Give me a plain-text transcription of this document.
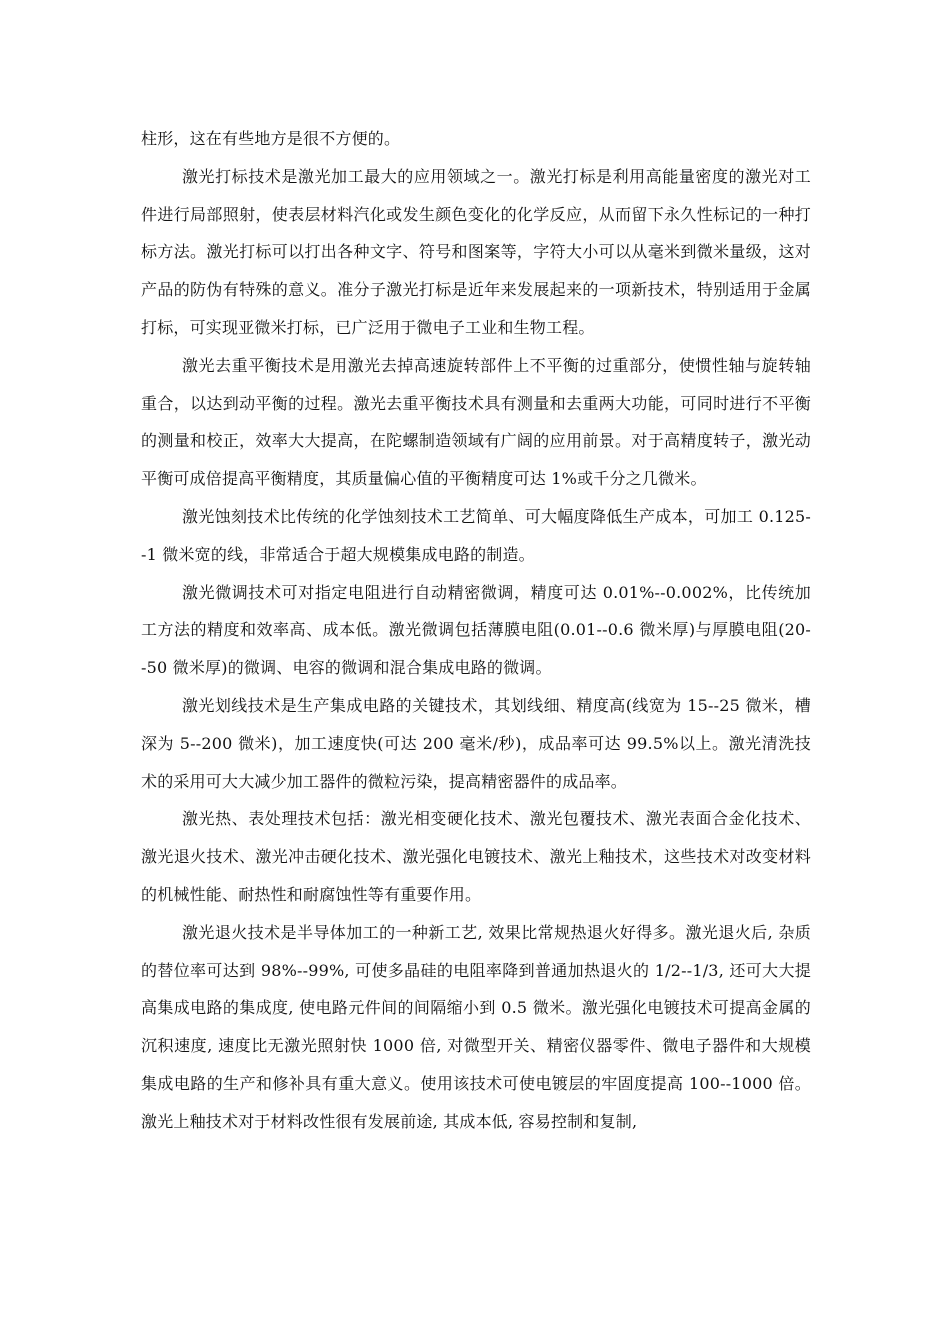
柱形，这在有些地方是很不方便的。

激光打标技术是激光加工最大的应用领域之一。激光打标是利用高能量密度的激光对工件进行局部照射，使表层材料汽化或发生颜色变化的化学反应，从而留下永久性标记的一种打标方法。激光打标可以打出各种文字、符号和图案等，字符大小可以从毫米到微米量级，这对产品的防伪有特殊的意义。准分子激光打标是近年来发展起来的一项新技术，特别适用于金属打标，可实现亚微米打标，已广泛用于微电子工业和生物工程。

激光去重平衡技术是用激光去掉高速旋转部件上不平衡的过重部分，使惯性轴与旋转轴重合，以达到动平衡的过程。激光去重平衡技术具有测量和去重两大功能，可同时进行不平衡的测量和校正，效率大大提高，在陀螺制造领域有广阔的应用前景。对于高精度转子，激光动平衡可成倍提高平衡精度，其质量偏心值的平衡精度可达 1%或千分之几微米。

激光蚀刻技术比传统的化学蚀刻技术工艺简单、可大幅度降低生产成本，可加工 0.125--1 微米宽的线，非常适合于超大规模集成电路的制造。

激光微调技术可对指定电阻进行自动精密微调，精度可达 0.01%--0.002%，比传统加工方法的精度和效率高、成本低。激光微调包括薄膜电阻(0.01--0.6 微米厚)与厚膜电阻(20--50 微米厚)的微调、电容的微调和混合集成电路的微调。

激光划线技术是生产集成电路的关键技术，其划线细、精度高(线宽为 15--25 微米，槽深为 5--200 微米)，加工速度快(可达 200 毫米/秒)，成品率可达 99.5%以上。激光清洗技术的采用可大大减少加工器件的微粒污染，提高精密器件的成品率。

激光热、表处理技术包括：激光相变硬化技术、激光包覆技术、激光表面合金化技术、激光退火技术、激光冲击硬化技术、激光强化电镀技术、激光上釉技术，这些技术对改变材料的机械性能、耐热性和耐腐蚀性等有重要作用。

激光退火技术是半导体加工的一种新工艺, 效果比常规热退火好得多。激光退火后, 杂质的替位率可达到 98%--99%, 可使多晶硅的电阻率降到普通加热退火的 1/2--1/3, 还可大大提高集成电路的集成度, 使电路元件间的间隔缩小到 0.5 微米。激光强化电镀技术可提高金属的沉积速度, 速度比无激光照射快 1000 倍, 对微型开关、精密仪器零件、微电子器件和大规模集成电路的生产和修补具有重大意义。使用该技术可使电镀层的牢固度提高 100--1000 倍。激光上釉技术对于材料改性很有发展前途, 其成本低, 容易控制和复制,
